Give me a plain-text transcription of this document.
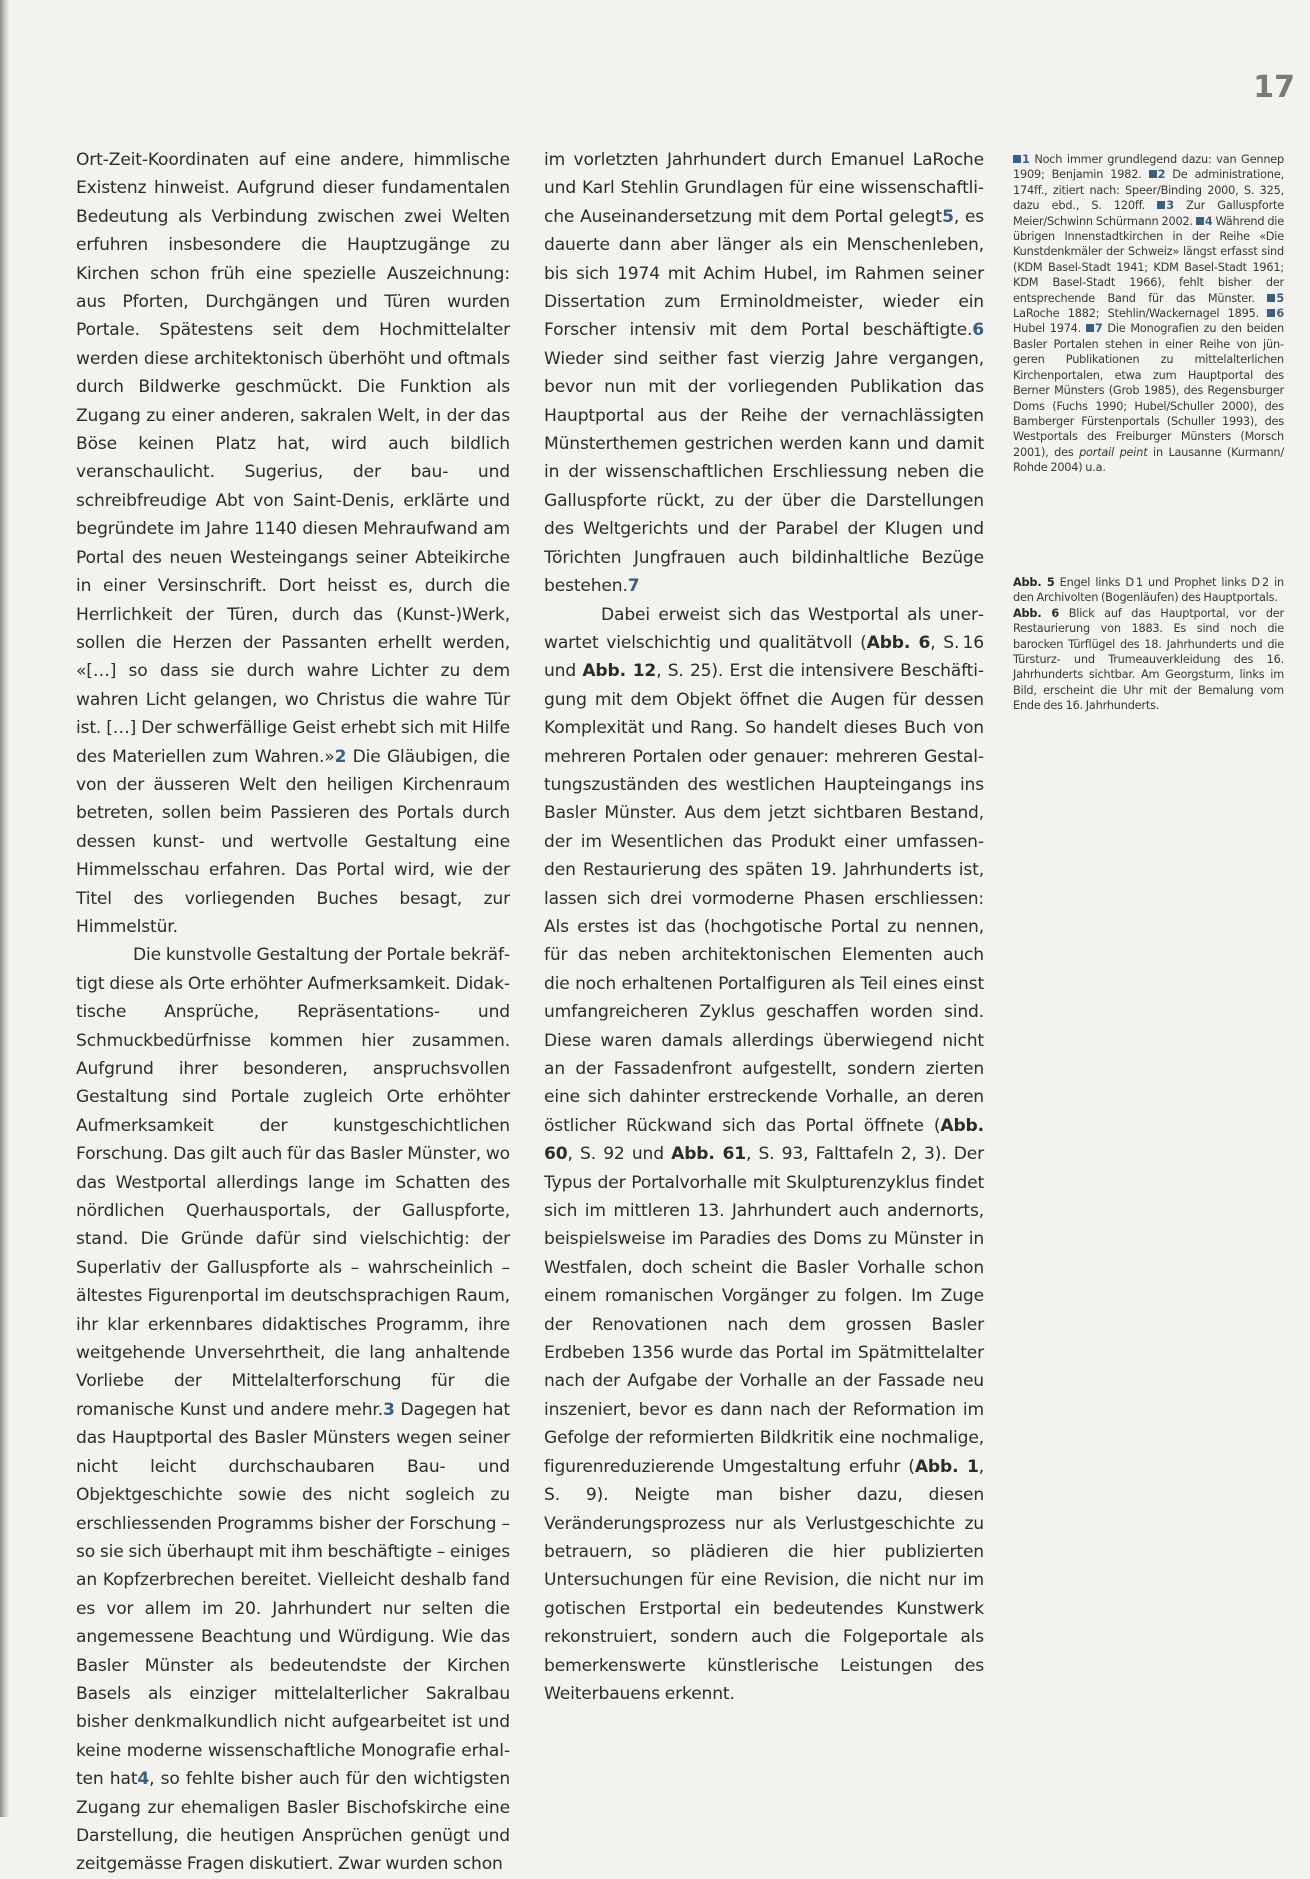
17

Ort-Zeit-Koordinaten auf eine andere, himmlische Existenz hinweist. Aufgrund dieser fundamentalen Bedeutung als Verbindung zwischen zwei Welten erfuhren insbesondere die Hauptzugänge zu Kirchen schon früh eine spezielle Auszeichnung: aus Pforten, Durchgängen und Türen wurden Portale. Spätestens seit dem Hochmittelalter werden diese architektonisch überhöht und oftmals durch Bildwerke geschmückt. Die Funktion als Zugang zu einer anderen, sakralen Welt, in der das Böse keinen Platz hat, wird auch bildlich veranschaulicht. Sugerius, der bau- und schreibfreudige Abt von Saint-Denis, erklärte und begründete im Jahre 1140 diesen Mehraufwand am Portal des neuen Westeingangs seiner Abteikirche in einer Versinschrift. Dort heisst es, durch die Herrlichkeit der Türen, durch das (Kunst-)Werk, sollen die Herzen der Passanten erhellt werden, «[…] so dass sie durch wahre Lichter zu dem wahren Licht gelangen, wo Christus die wahre Tür ist. […] Der schwerfällige Geist erhebt sich mit Hilfe des Materiellen zum Wahren.»2 Die Gläubigen, die von der äusseren Welt den heiligen Kirchenraum betreten, sollen beim Passieren des Portals durch dessen kunst- und wertvolle Gestaltung eine Himmelsschau erfahren. Das Portal wird, wie der Titel des vorliegenden Buches besagt, zur Himmelstür.

Die kunstvolle Gestaltung der Portale bekräftigt diese als Orte erhöhter Aufmerksamkeit. Didaktische Ansprüche, Repräsentations- und Schmuckbedürfnisse kommen hier zusammen. Aufgrund ihrer besonderen, anspruchsvollen Gestaltung sind Portale zugleich Orte erhöhter Aufmerksamkeit der kunstgeschichtlichen Forschung. Das gilt auch für das Basler Münster, wo das Westportal allerdings lange im Schatten des nördlichen Querhausportals, der Galluspforte, stand. Die Gründe dafür sind vielschichtig: der Superlativ der Galluspforte als – wahrscheinlich – ältestes Figurenportal im deutschsprachigen Raum, ihr klar erkennbares didaktisches Programm, ihre weitgehende Unversehrtheit, die lang anhaltende Vorliebe der Mittelalterforschung für die romanische Kunst und andere mehr.3 Dagegen hat das Hauptportal des Basler Münsters wegen seiner nicht leicht durchschaubaren Bau- und Objektgeschichte sowie des nicht sogleich zu erschliessenden Programms bisher der Forschung – so sie sich überhaupt mit ihm beschäftigte – einiges an Kopfzerbrechen bereitet. Vielleicht deshalb fand es vor allem im 20. Jahrhundert nur selten die angemessene Beachtung und Würdigung. Wie das Basler Münster als bedeutendste der Kirchen Basels als einziger mittelalterlicher Sakralbau bisher denkmalkundlich nicht aufgearbeitet ist und keine moderne wissenschaftliche Monografie erhalten hat4, so fehlte bisher auch für den wichtigsten Zugang zur ehemaligen Basler Bischofskirche eine Darstellung, die heutigen Ansprüchen genügt und zeitgemässe Fragen diskutiert. Zwar wurden schon

im vorletzten Jahrhundert durch Emanuel LaRoche und Karl Stehlin Grundlagen für eine wissenschaftliche Auseinandersetzung mit dem Portal gelegt5, es dauerte dann aber länger als ein Menschenleben, bis sich 1974 mit Achim Hubel, im Rahmen seiner Dissertation zum Erminoldmeister, wieder ein Forscher intensiv mit dem Portal beschäftigte.6 Wieder sind seither fast vierzig Jahre vergangen, bevor nun mit der vorliegenden Publikation das Hauptportal aus der Reihe der vernachlässigten Münsterthemen gestrichen werden kann und damit in der wissenschaftlichen Erschliessung neben die Galluspforte rückt, zu der über die Darstellungen des Weltgerichts und der Parabel der Klugen und Törichten Jungfrauen auch bildinhaltliche Bezüge bestehen.7

Dabei erweist sich das Westportal als unerwartet vielschichtig und qualitätvoll (Abb. 6, S. 16 und Abb. 12, S. 25). Erst die intensivere Beschäftigung mit dem Objekt öffnet die Augen für dessen Komplexität und Rang. So handelt dieses Buch von mehreren Portalen oder genauer: mehreren Gestaltungszuständen des westlichen Haupteingangs ins Basler Münster. Aus dem jetzt sichtbaren Bestand, der im Wesentlichen das Produkt einer umfassenden Restaurierung des späten 19. Jahrhunderts ist, lassen sich drei vormoderne Phasen erschliessen: Als erstes ist das (hochgotische Portal zu nennen, für das neben architektonischen Elementen auch die noch erhaltenen Portalfiguren als Teil eines einst umfangreicheren Zyklus geschaffen worden sind. Diese waren damals allerdings überwiegend nicht an der Fassadenfront aufgestellt, sondern zierten eine sich dahinter erstreckende Vorhalle, an deren östlicher Rückwand sich das Portal öffnete (Abb. 60, S. 92 und Abb. 61, S. 93, Falttafeln 2, 3). Der Typus der Portalvorhalle mit Skulpturenzyklus findet sich im mittleren 13. Jahrhundert auch andernorts, beispielsweise im Paradies des Doms zu Münster in Westfalen, doch scheint die Basler Vorhalle schon einem romanischen Vorgänger zu folgen. Im Zuge der Renovationen nach dem grossen Basler Erdbeben 1356 wurde das Portal im Spätmittelalter nach der Aufgabe der Vorhalle an der Fassade neu inszeniert, bevor es dann nach der Reformation im Gefolge der reformierten Bildkritik eine nochmalige, figurenreduzierende Umgestaltung erfuhr (Abb. 1, S. 9). Neigte man bisher dazu, diesen Veränderungsprozess nur als Verlustgeschichte zu betrauern, so plädieren die hier publizierten Untersuchungen für eine Revision, die nicht nur im gotischen Erstportal ein bedeutendes Kunstwerk rekonstruiert, sondern auch die Folgeportale als bemerkenswerte künstlerische Leistungen des Weiterbauens erkennt.

1 Noch immer grundlegend dazu: van Gennep 1909; Benjamin 1982. 2 De administratione, 174ff., zitiert nach: Speer/​Binding 2000, S. 325, dazu ebd., S. 120ff. 3 Zur Galluspforte Meier/Schwinn Schürmann 2002. 4 Während die übrigen Innenstadtkirchen in der Reihe «Die Kunstdenkmäler der Schweiz» längst erfasst sind (KDM Basel-Stadt 1941; KDM Basel-Stadt 1961; KDM Basel-Stadt 1966), fehlt bisher der entsprechende Band für das Münster. 5 LaRoche 1882; Stehlin/​Wackernagel 1895. 6 Hubel 1974. 7 Die Monografien zu den beiden Basler Portalen stehen in einer Reihe von jüngeren Publikationen zu mittelalterlichen Kirchenportalen, etwa zum Hauptportal des Berner Münsters (Grob 1985), des Regensburger Doms (Fuchs 1990; Hubel/​Schuller 2000), des Bamberger Fürstenportals (Schuller 1993), des Westportals des Freiburger Münsters (Morsch 2001), des portail peint in Lausanne (Kurmann/​Rohde 2004) u.a.

Abb. 5 Engel links D 1 und Prophet links D 2 in den Archivolten (Bogenläufen) des Hauptportals.

Abb. 6 Blick auf das Hauptportal, vor der Restaurierung von 1883. Es sind noch die barocken Türflügel des 18. Jahrhunderts und die Türsturz- und Trumeauverkleidung des 16. Jahrhunderts sichtbar. Am Georgsturm, links im Bild, erscheint die Uhr mit der Bemalung vom Ende des 16. Jahrhunderts.
